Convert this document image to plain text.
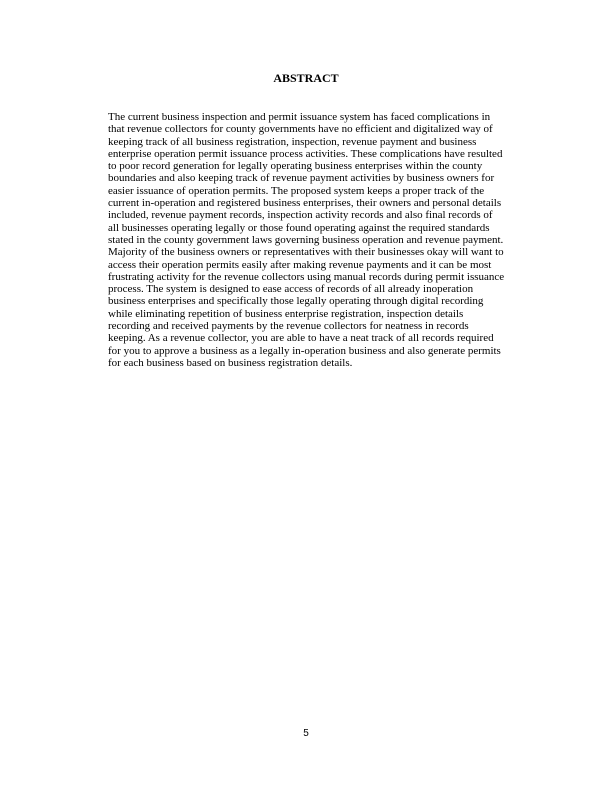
ABSTRACT
The current business inspection and permit issuance system has faced complications in
that revenue collectors for county governments have no efficient and digitalized way of
keeping track of all business registration, inspection, revenue payment and business
enterprise operation permit issuance process activities. These complications have resulted
to poor record generation for legally operating business enterprises within the county
boundaries and also keeping track of revenue payment activities by business owners for
easier issuance of operation permits. The proposed system keeps a proper track of the
current in-operation and registered business enterprises, their owners and personal details
included, revenue payment records, inspection activity records and also final records of
all businesses operating legally or those found operating against the required standards
stated in the county government laws governing business operation and revenue payment.
Majority of the business owners or representatives with their businesses okay will want to
access their operation permits easily after making revenue payments and it can be most
frustrating activity for the revenue collectors using manual records during permit issuance
process. The system is designed to ease access of records of all already inoperation
business enterprises and specifically those legally operating through digital recording
while eliminating repetition of business enterprise registration, inspection details
recording and received payments by the revenue collectors for neatness in records
keeping. As a revenue collector, you are able to have a neat track of all records required
for you to approve a business as a legally in-operation business and also generate permits
for each business based on business registration details.
5
